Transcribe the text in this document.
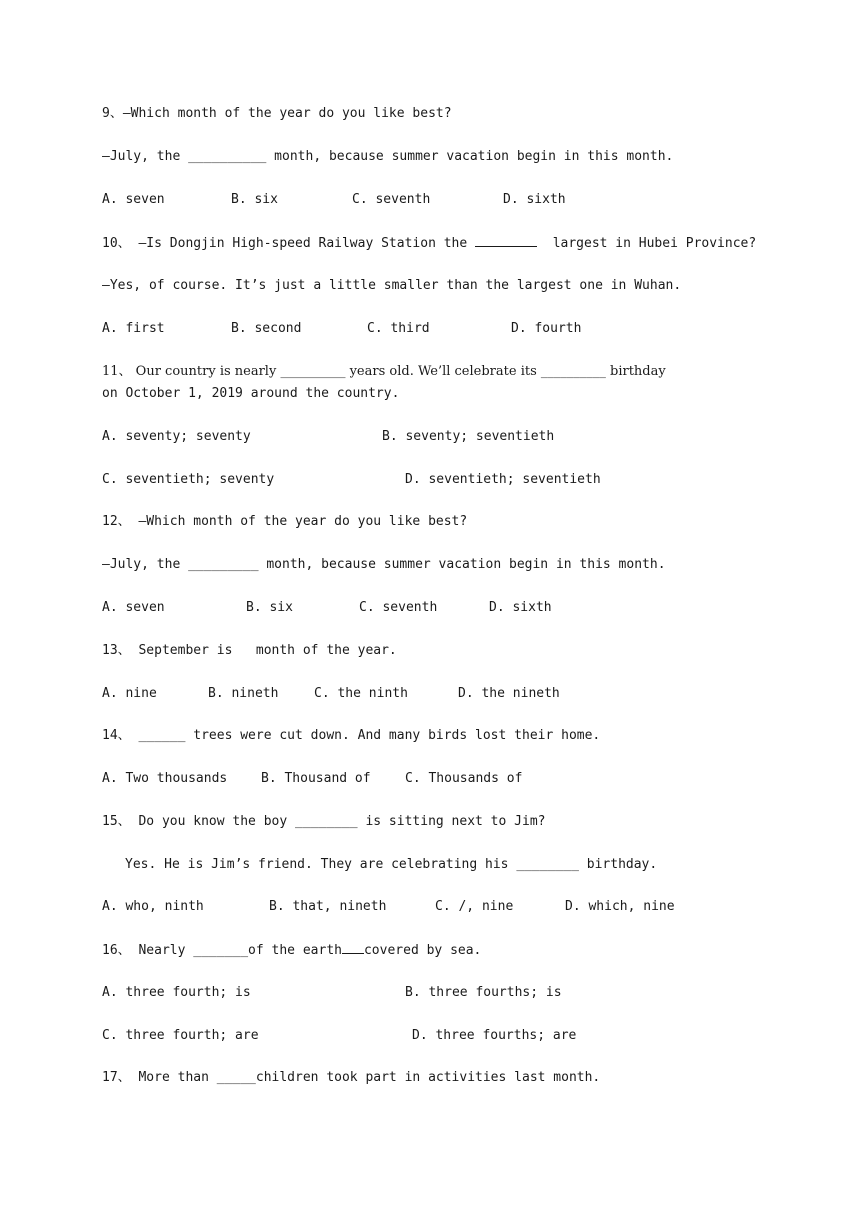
9、—Which month of the year do you like best?
—July, the __________ month, because summer vacation begin in this month.
A. seven	B. six	C. seventh	D. sixth
10、 —Is Dongjin High-speed Railway Station the	largest in Hubei Province?
—Yes, of course. It’s just a little smaller than the largest one in Wuhan.
A. first	B. second	C. third	D. fourth
11、 Our country is nearly __________ years old. We’ll celebrate its __________ birthday
on October 1, 2019 around the country.
A. seventy; seventy	B. seventy; seventieth
C. seventieth; seventy	D. seventieth; seventieth
12、 —Which month of the year do you like best?
—July, the _________ month, because summer vacation begin in this month.
A. seven	B. six	C. seventh	D. sixth
13、 September is   month of the year.
A. nine	B. nineth	C. the ninth	D. the nineth
14、 ______ trees were cut down. And many birds lost their home.
A. Two thousands	B. Thousand of	C. Thousands of
15、 Do you know the boy ________ is sitting next to Jim?
Yes. He is Jim’s friend. They are celebrating his ________ birthday.
A. who, ninth	B. that, nineth	C. /, nine	D. which, nine
16、 Nearly _______of the earth covered by sea.
A. three fourth; is	B. three fourths; is
C. three fourth; are	D. three fourths; are
17、 More than _____children took part in activities last month.
